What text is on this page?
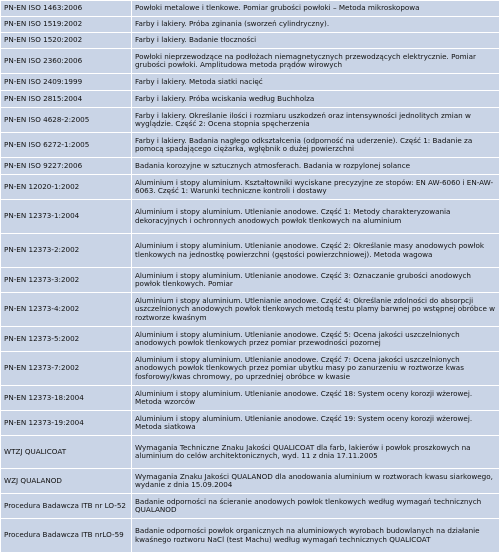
PN-EN ISO 1463:2006	Powłoki metalowe i tlenkowe. Pomiar grubości powłoki – Metoda mikroskopowa
PN-EN ISO 1519:2002	Farby i lakiery. Próba zginania (sworzeń cylindryczny).
PN-EN ISO 1520:2002	Farby i lakiery. Badanie tłoczności
PN-EN ISO 2360:2006	Powłoki nieprzewodzące na podłożach niemagnetycznych przewodzących elektrycznie. Pomiar grubości powłoki. Amplitudowa metoda prądów wirowych
PN-EN ISO 2409:1999	Farby i lakiery. Metoda siatki nacięć
PN-EN ISO 2815:2004	Farby i lakiery. Próba wciskania według Buchholza
PN-EN ISO 4628-2:2005	Farby i lakiery. Określanie ilości i rozmiaru uszkodzeń oraz intensywności jednolitych zmian w wyglądzie. Część 2: Ocena stopnia spęcherzenia
PN-EN ISO 6272-1:2005	Farby i lakiery. Badania nagłego odkształcenia (odporność na uderzenie). Część 1: Badanie za pomocą spadającego ciężarka, wgłębnik o dużej powierzchni
PN-EN ISO 9227:2006	Badania korozyjne w sztucznych atmosferach. Badania w rozpylonej solance
PN-EN 12020-1:2002	Aluminium i stopy aluminium. Kształtowniki wyciskane precyzyjne ze stopów: EN AW-6060 i EN-AW-6063. Część 1: Warunki techniczne kontroli i dostawy
PN-EN 12373-1:2004	Aluminium i stopy aluminium. Utlenianie anodowe. Część 1: Metody charakteryzowania dekoracyjnych i ochronnych anodowych powłok tlenkowych na aluminium
PN-EN 12373-2:2002	Aluminium i stopy aluminium. Utlenianie anodowe. Część 2: Określanie masy anodowych powłok tlenkowych na jednostkę powierzchni (gęstości powierzchniowej). Metoda wagowa
PN-EN 12373-3:2002	Aluminium i stopy aluminium. Utlenianie anodowe. Część 3: Oznaczanie grubości anodowych powłok tlenkowych. Pomiar
PN-EN 12373-4:2002	Aluminium i stopy aluminium. Utlenianie anodowe. Część 4: Określanie zdolności do absorpcji uszczelnionych anodowych powłok tlenkowych metodą testu plamy barwnej po wstępnej obróbce w roztworze kwaśnym
PN-EN 12373-5:2002	Aluminium i stopy aluminium. Utlenianie anodowe. Część 5: Ocena jakości uszczelnionych anodowych powłok tlenkowych przez pomiar przewodności pozornej
PN-EN 12373-7:2002	Aluminium i stopy aluminium. Utlenianie anodowe. Część 7: Ocena jakości uszczelnionych anodowych powłok tlenkowych przez pomiar ubytku masy po zanurzeniu w roztworze kwas fosforowy/kwas chromowy, po uprzedniej obróbce w kwasie
PN-EN 12373-18:2004	Aluminium i stopy aluminium. Utlenianie anodowe. Część 18: System oceny korozji wżerowej. Metoda wzorców
PN-EN 12373-19:2004	Aluminium i stopy aluminium. Utlenianie anodowe. Część 19: System oceny korozji wżerowej. Metoda siatkowa
WTZJ QUALICOAT	Wymagania Techniczne Znaku Jakości QUALICOAT dla farb, lakierów i powłok proszkowych na aluminium do celów architektonicznych, wyd. 11 z dnia 17.11.2005
WZJ QUALANOD	Wymagania Znaku Jakości QUALANOD dla anodowania aluminium w roztworach kwasu siarkowego, wydanie z dnia 15.09.2004
Procedura Badawcza ITB nr LO-52	Badanie odporności na ścieranie anodowych powłok tlenkowych według wymagań technicznych QUALANOD
Procedura Badawcza ITB nrLO-59	Badanie odporności powłok organicznych na aluminiowych wyrobach budowlanych na działanie kwaśnego roztworu NaCl (test Machu) według wymagań technicznych QUALICOAT
